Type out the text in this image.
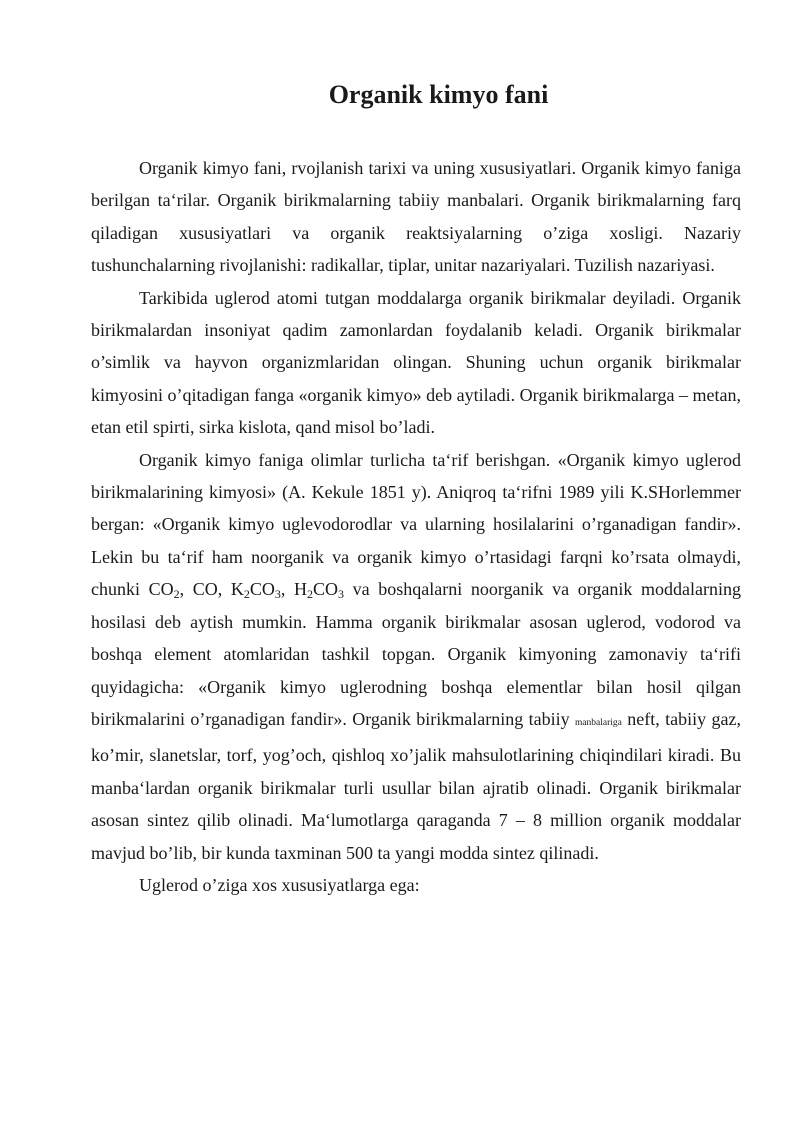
Organik kimyo fani

Organik kimyo fani, rvojlanish tarixi va uning xususiyatlari. Organik kimyo faniga berilgan ta‘rilar. Organik birikmalarning tabiiy manbalari. Organik birikmalarning farq qiladigan xususiyatlari va organik reaktsiyalarning o’ziga xosligi. Nazariy tushunchalarning rivojlanishi: radikallar, tiplar, unitar nazariyalari. Tuzilish nazariyasi.

Tarkibida uglerod atomi tutgan moddalarga organik birikmalar deyiladi. Organik birikmalardan insoniyat qadim zamonlardan foydalanib keladi. Organik birikmalar o’simlik va hayvon organizmlaridan olingan. Shuning uchun organik birikmalar kimyosini o’qitadigan fanga «organik kimyo» deb aytiladi. Organik birikmalarga – metan, etan etil spirti, sirka kislota, qand misol bo’ladi.

Organik kimyo faniga olimlar turlicha ta‘rif berishgan. «Organik kimyo uglerod birikmalarining kimyosi» (A. Kekule 1851 y). Aniqroq ta‘rifni 1989 yili K.SHorlemmer bergan: «Organik kimyo uglevodorodlar va ularning hosilalarini o’rganadigan fandir». Lekin bu ta‘rif ham noorganik va organik kimyo o’rtasidagi farqni ko’rsata olmaydi, chunki $CO_2$, CO, $K_2CO_3$, $H_2CO_3$ va boshqalarni noorganik va organik moddalarning hosilasi deb aytish mumkin. Hamma organik birikmalar asosan uglerod, vodorod va boshqa element atomlaridan tashkil topgan. Organik kimyoning zamonaviy ta‘rifi quyidagicha: «Organik kimyo uglerodning boshqa elementlar bilan hosil qilgan birikmalarini o’rganadigan fandir». Organik birikmalarning tabiiy manbalariga neft, tabiiy gaz, ko’mir, slanetslar, torf, yog’och, qishloq xo’jalik mahsulotlarining chiqindilari kiradi. Bu manba‘lardan organik birikmalar turli usullar bilan ajratib olinadi. Organik birikmalar asosan sintez qilib olinadi. Ma‘lumotlarga qaraganda 7 – 8 million organik moddalar mavjud bo’lib, bir kunda taxminan 500 ta yangi modda sintez qilinadi.

Uglerod o’ziga xos xususiyatlarga ega:
